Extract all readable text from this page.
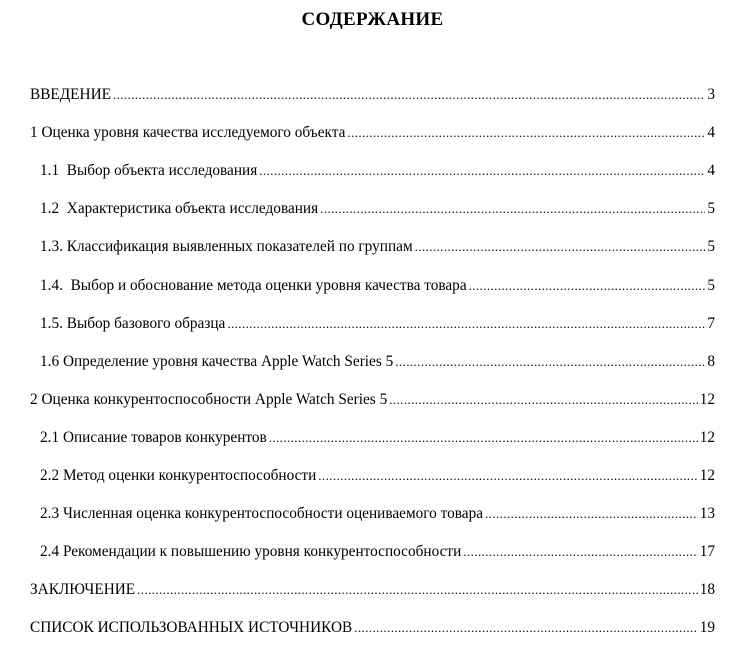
СОДЕРЖАНИЕ
ВВЕДЕНИЕ .....	3
1 Оценка уровня качества исследуемого объекта .....	4
1.1  Выбор объекта исследования .....	4
1.2  Характеристика объекта исследования .....	5
1.3. Классификация выявленных показателей по группам .....	5
1.4.  Выбор и обоснование метода оценки уровня качества товара .....	5
1.5. Выбор базового образца .....	7
1.6 Определение уровня качества Apple Watch Series 5 .....	8
2 Оценка конкурентоспособности Apple Watch Series 5 .....	12
2.1 Описание товаров конкурентов .....	12
2.2 Метод оценки конкурентоспособности .....	12
2.3 Численная оценка конкурентоспособности оцениваемого товара .....	13
2.4 Рекомендации к повышению уровня конкурентоспособности .....	17
ЗАКЛЮЧЕНИЕ .....	18
СПИСОК ИСПОЛЬЗОВАННЫХ ИСТОЧНИКОВ .....	19
